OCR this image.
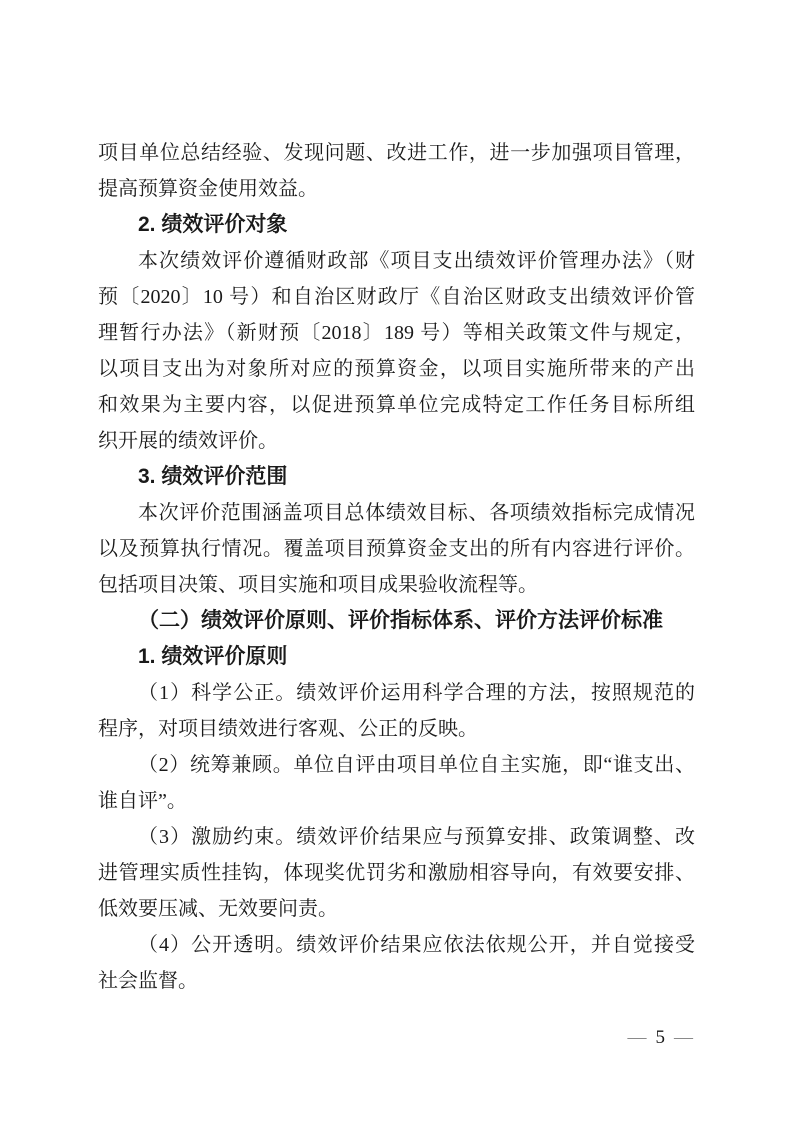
项目单位总结经验、发现问题、改进工作，进一步加强项目管理，
提高预算资金使用效益。
2. 绩效评价对象
本次绩效评价遵循财政部《项目支出绩效评价管理办法》（财
预〔2020〕10 号）和自治区财政厅《自治区财政支出绩效评价管
理暂行办法》（新财预〔2018〕189 号）等相关政策文件与规定，
以项目支出为对象所对应的预算资金，以项目实施所带来的产出
和效果为主要内容，以促进预算单位完成特定工作任务目标所组
织开展的绩效评价。
3. 绩效评价范围
本次评价范围涵盖项目总体绩效目标、各项绩效指标完成情况
以及预算执行情况。覆盖项目预算资金支出的所有内容进行评价。
包括项目决策、项目实施和项目成果验收流程等。
（二）绩效评价原则、评价指标体系、评价方法评价标准
1. 绩效评价原则
（1）科学公正。绩效评价运用科学合理的方法，按照规范的
程序，对项目绩效进行客观、公正的反映。
（2）统筹兼顾。单位自评由项目单位自主实施，即“谁支出、
谁自评”。
（3）激励约束。绩效评价结果应与预算安排、政策调整、改
进管理实质性挂钩，体现奖优罚劣和激励相容导向，有效要安排、
低效要压减、无效要问责。
（4）公开透明。绩效评价结果应依法依规公开，并自觉接受
社会监督。
— 5 —
